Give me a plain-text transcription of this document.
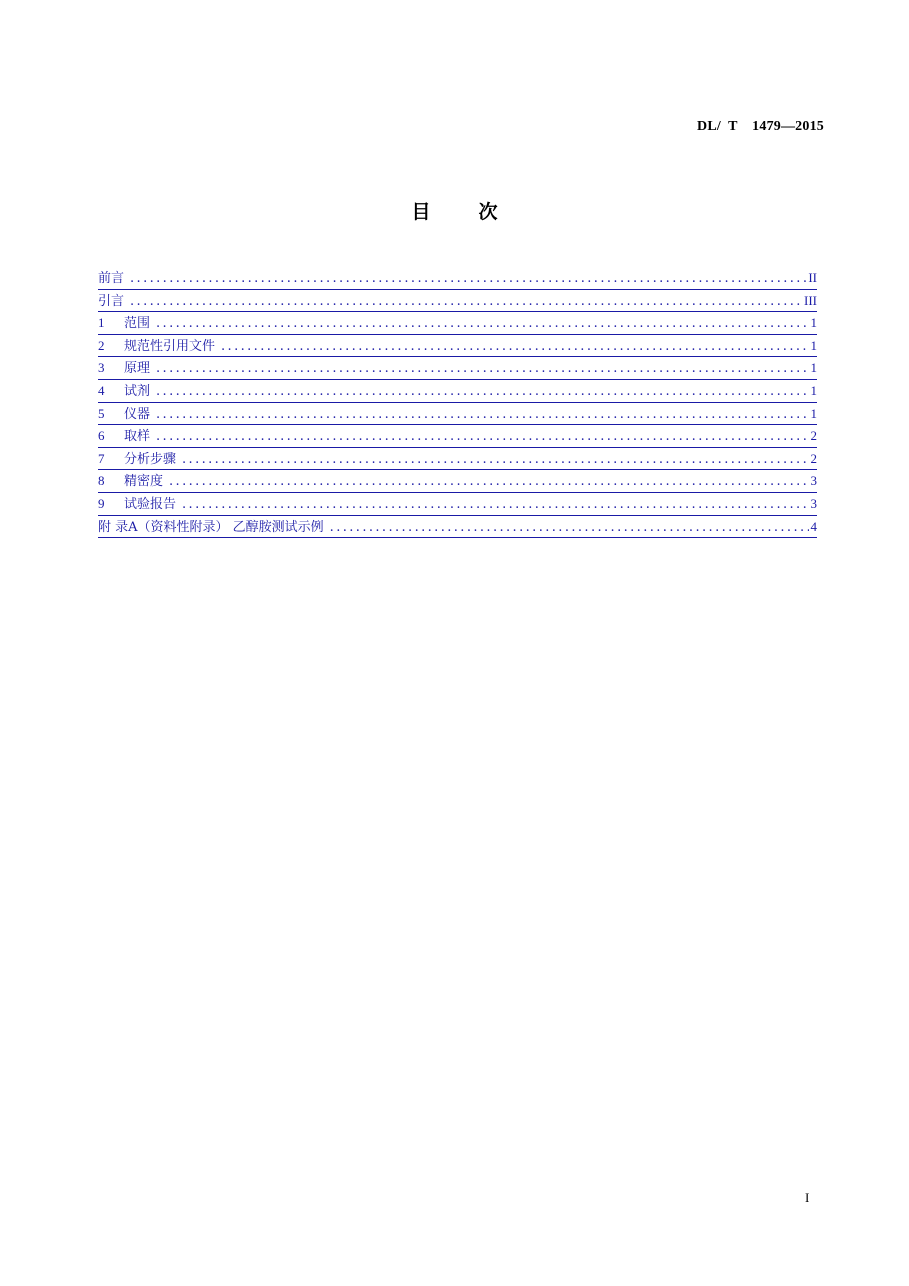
DL/  T    1479—2015
目次
前言 .....	II
引言 .....	III
1	范围 .....	1
2	规范性引用文件 .....	1
3	原理 .....	1
4	试剂 .....	1
5	仪器 .....	1
6	取样 .....	2
7	分析步骤 .....	2
8	精密度 .....	3
9	试验报告 .....	3
附 录A（资料性附录） 乙醇胺测试示例 .....	4
I
